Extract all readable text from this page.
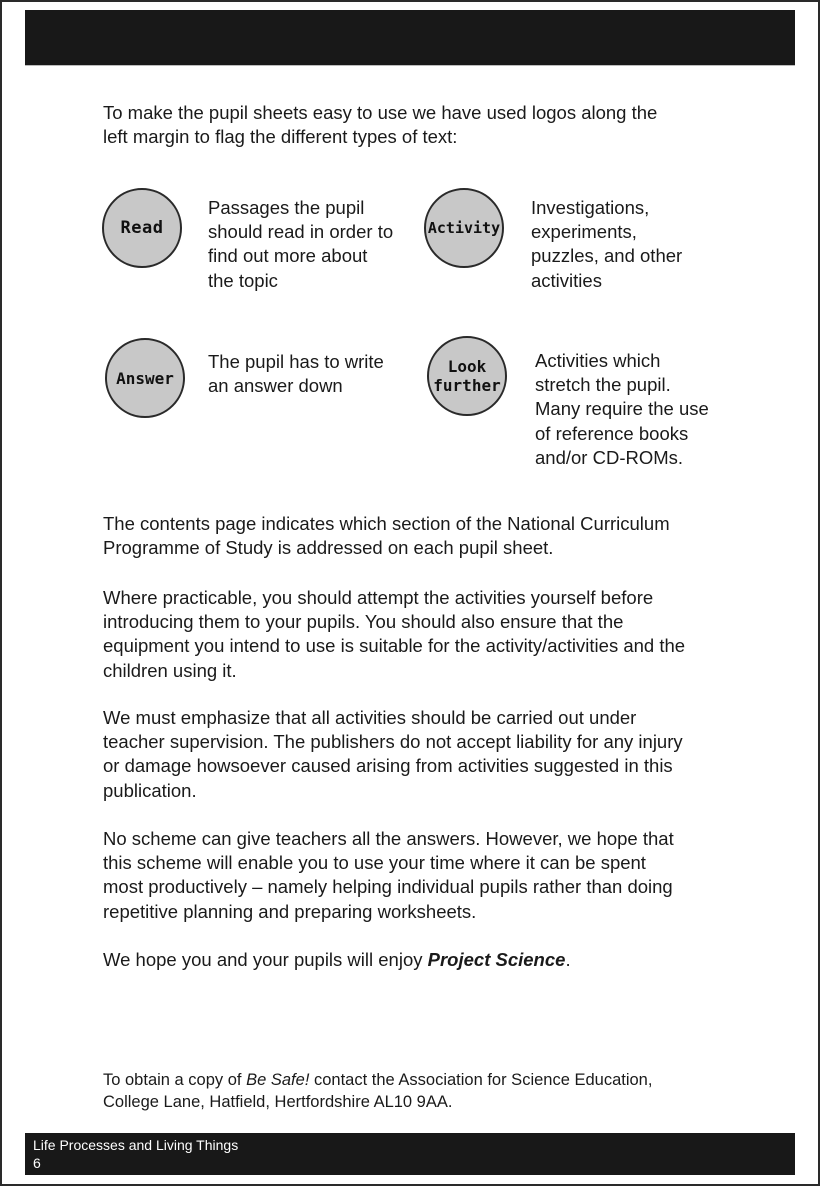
To make the pupil sheets easy to use we have used logos along the
left margin to flag the different types of text:

Read

Passages the pupil
should read in order to
find out more about
the topic

Activity

Investigations,
experiments,
puzzles, and other
activities

Answer

The pupil has to write
an answer down

Look
further

Activities which
stretch the pupil.
Many require the use
of reference books
and/or CD-ROMs.

The contents page indicates which section of the National Curriculum
Programme of Study is addressed on each pupil sheet.

Where practicable, you should attempt the activities yourself before
introducing them to your pupils. You should also ensure that the
equipment you intend to use is suitable for the activity/activities and the
children using it.

We must emphasize that all activities should be carried out under
teacher supervision. The publishers do not accept liability for any injury
or damage howsoever caused arising from activities suggested in this
publication.

No scheme can give teachers all the answers. However, we hope that
this scheme will enable you to use your time where it can be spent
most productively – namely helping individual pupils rather than doing
repetitive planning and preparing worksheets.

We hope you and your pupils will enjoy Project Science.

To obtain a copy of Be Safe! contact the Association for Science Education,
College Lane, Hatfield, Hertfordshire AL10 9AA.

Life Processes and Living Things
6
